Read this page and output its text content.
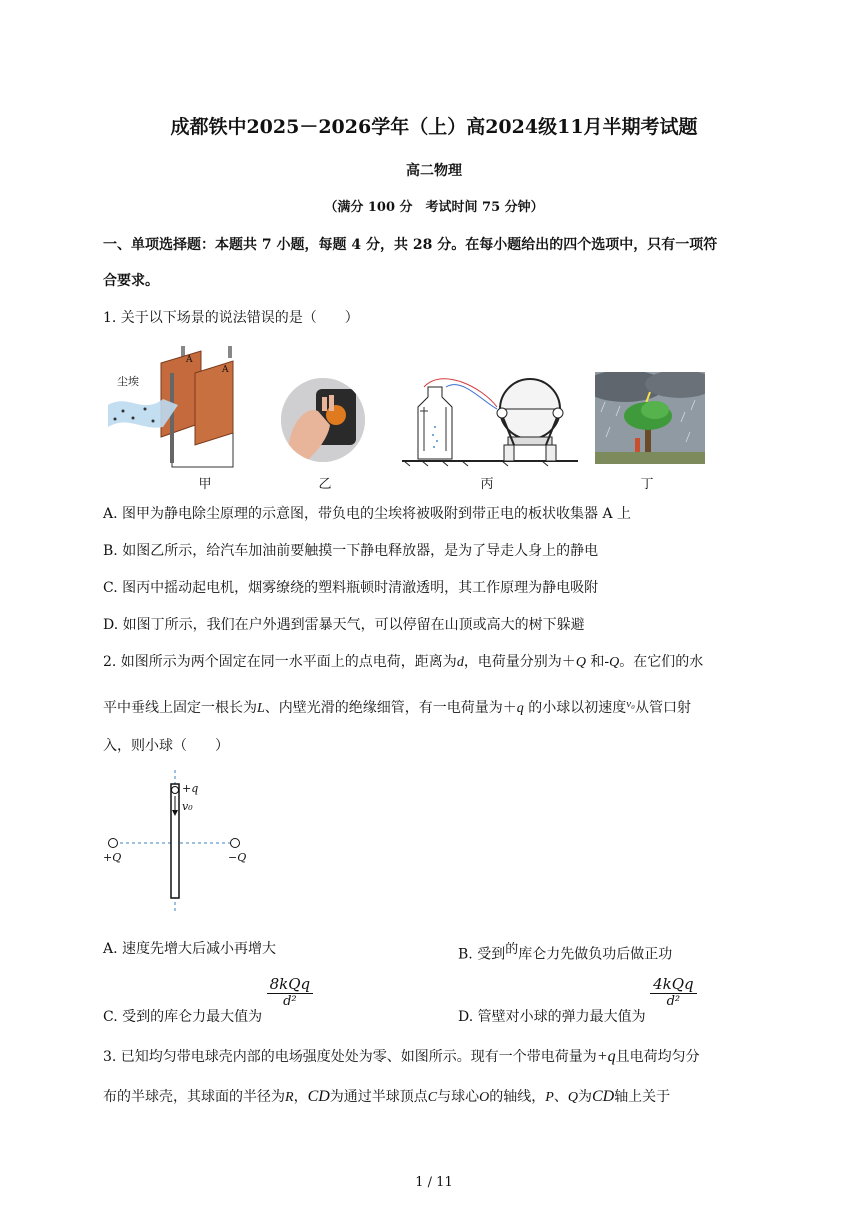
成都铁中2025－2026学年（上）高2024级11月半期考试题
高二物理
（满分 100 分　考试时间 75 分钟）
一、单项选择题：本题共 7 小题，每题 4 分，共 28 分。在每小题给出的四个选项中，只有一项符
合要求。
1. 关于以下场景的说法错误的是（　　）
尘埃
A
A
甲	乙	丙	丁
A. 图甲为静电除尘原理的示意图，带负电的尘埃将被吸附到带正电的板状收集器 A 上
B. 如图乙所示，给汽车加油前要触摸一下静电释放器，是为了导走人身上的静电
C. 图丙中摇动起电机，烟雾缭绕的塑料瓶顿时清澈透明，其工作原理为静电吸附
D. 如图丁所示，我们在户外遇到雷暴天气，可以停留在山顶或高大的树下躲避
2. 如图所示为两个固定在同一水平面上的点电荷，距离为d，电荷量分别为＋Q 和-Q。在它们的水
平中垂线上固定一根长为L、内壁光滑的绝缘细管，有一电荷量为＋q 的小球以初速度$^{v_0}$从管口射
入，则小球（　　）
+q
v₀
+Q	−Q
A. 速度先增大后减小再增大	B. 受到$^的$库仑力先做负功后做正功
C. 受到的库仑力最大值为
$\frac{\text{8kQq}}{\text{d²}}$
D. 管壁对小球的弹力最大值为
$\frac{\text{4kQq}}{\text{d²}}$
3. 已知均匀带电球壳内部的电场强度处处为零、如图所示。现有一个带电荷量为+q且电荷均匀分
布的半球壳，其球面的半径为R，CD为通过半球顶点C与球心O的轴线，P、Q为CD轴上关于
1 / 11
